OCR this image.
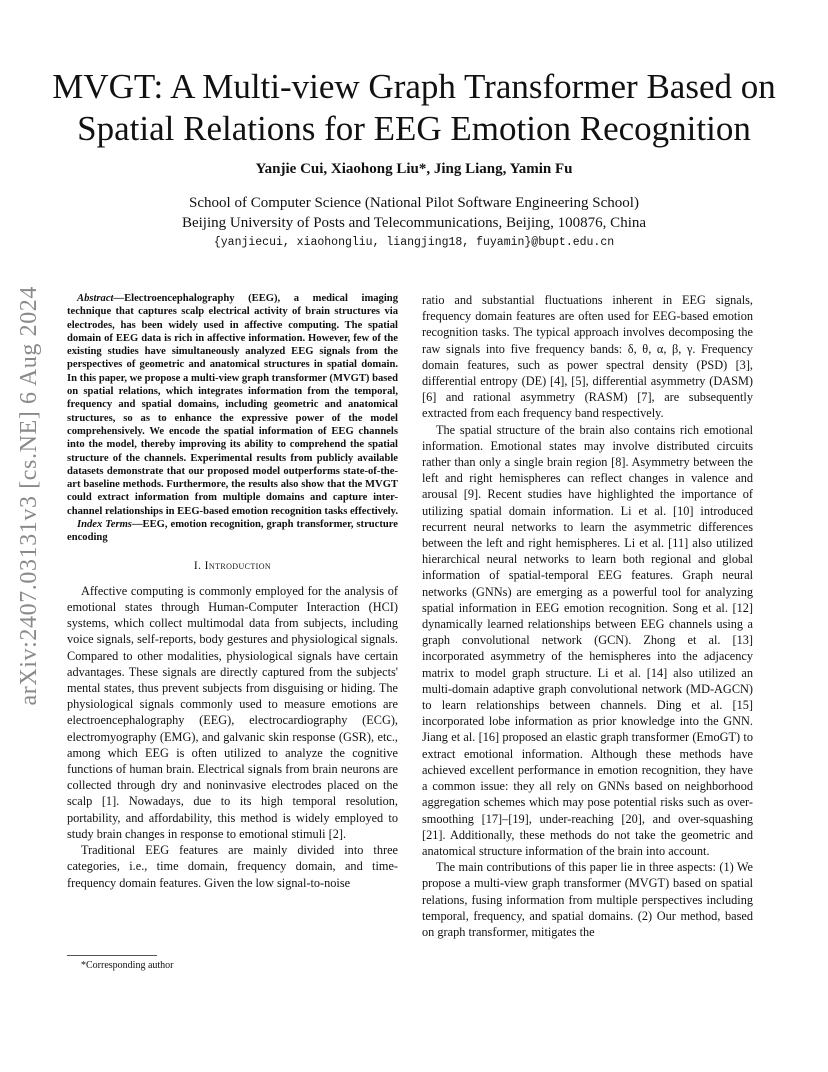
arXiv:2407.03131v3 [cs.NE] 6 Aug 2024
MVGT: A Multi-view Graph Transformer Based on Spatial Relations for EEG Emotion Recognition
Yanjie Cui, Xiaohong Liu*, Jing Liang, Yamin Fu
School of Computer Science (National Pilot Software Engineering School)
Beijing University of Posts and Telecommunications, Beijing, 100876, China
{yanjiecui, xiaohongliu, liangjing18, fuyamin}@bupt.edu.cn

Abstract—Electroencephalography (EEG), a medical imaging technique that captures scalp electrical activity of brain structures via electrodes, has been widely used in affective computing. The spatial domain of EEG data is rich in affective information. However, few of the existing studies have simultaneously analyzed EEG signals from the perspectives of geometric and anatomical structures in spatial domain. In this paper, we propose a multi-view graph transformer (MVGT) based on spatial relations, which integrates information from the temporal, frequency and spatial domains, including geometric and anatomical structures, so as to enhance the expressive power of the model comprehensively. We encode the spatial information of EEG channels into the model, thereby improving its ability to comprehend the spatial structure of the channels. Experimental results from publicly available datasets demonstrate that our proposed model outperforms state-of-the-art baseline methods. Furthermore, the results also show that the MVGT could extract information from multiple domains and capture inter-channel relationships in EEG-based emotion recognition tasks effectively.

Index Terms—EEG, emotion recognition, graph transformer, structure encoding

I. Introduction

Affective computing is commonly employed for the analysis of emotional states through Human-Computer Interaction (HCI) systems, which collect multimodal data from subjects, including voice signals, self-reports, body gestures and physiological signals. Compared to other modalities, physiological signals have certain advantages. These signals are directly captured from the subjects' mental states, thus prevent subjects from disguising or hiding. The physiological signals commonly used to measure emotions are electroencephalography (EEG), electrocardiography (ECG), electromyography (EMG), and galvanic skin response (GSR), etc., among which EEG is often utilized to analyze the cognitive functions of human brain. Electrical signals from brain neurons are collected through dry and noninvasive electrodes placed on the scalp [1]. Nowadays, due to its high temporal resolution, portability, and affordability, this method is widely employed to study brain changes in response to emotional stimuli [2].

Traditional EEG features are mainly divided into three categories, i.e., time domain, frequency domain, and time-frequency domain features. Given the low signal-to-noise

ratio and substantial fluctuations inherent in EEG signals, frequency domain features are often used for EEG-based emotion recognition tasks. The typical approach involves decomposing the raw signals into five frequency bands: δ, θ, α, β, γ. Frequency domain features, such as power spectral density (PSD) [3], differential entropy (DE) [4], [5], differential asymmetry (DASM) [6] and rational asymmetry (RASM) [7], are subsequently extracted from each frequency band respectively.

The spatial structure of the brain also contains rich emotional information. Emotional states may involve distributed circuits rather than only a single brain region [8]. Asymmetry between the left and right hemispheres can reflect changes in valence and arousal [9]. Recent studies have highlighted the importance of utilizing spatial domain information. Li et al. [10] introduced recurrent neural networks to learn the asymmetric differences between the left and right hemispheres. Li et al. [11] also utilized hierarchical neural networks to learn both regional and global information of spatial-temporal EEG features. Graph neural networks (GNNs) are emerging as a powerful tool for analyzing spatial information in EEG emotion recognition. Song et al. [12] dynamically learned relationships between EEG channels using a graph convolutional network (GCN). Zhong et al. [13] incorporated asymmetry of the hemispheres into the adjacency matrix to model graph structure. Li et al. [14] also utilized an multi-domain adaptive graph convolutional network (MD-AGCN) to learn relationships between channels. Ding et al. [15] incorporated lobe information as prior knowledge into the GNN. Jiang et al. [16] proposed an elastic graph transformer (EmoGT) to extract emotional information. Although these methods have achieved excellent performance in emotion recognition, they have a common issue: they all rely on GNNs based on neighborhood aggregation schemes which may pose potential risks such as over-smoothing [17]–[19], under-reaching [20], and over-squashing [21]. Additionally, these methods do not take the geometric and anatomical structure information of the brain into account.

The main contributions of this paper lie in three aspects: (1) We propose a multi-view graph transformer (MVGT) based on spatial relations, fusing information from multiple perspectives including temporal, frequency, and spatial domains. (2) Our method, based on graph transformer, mitigates the

*Corresponding author
